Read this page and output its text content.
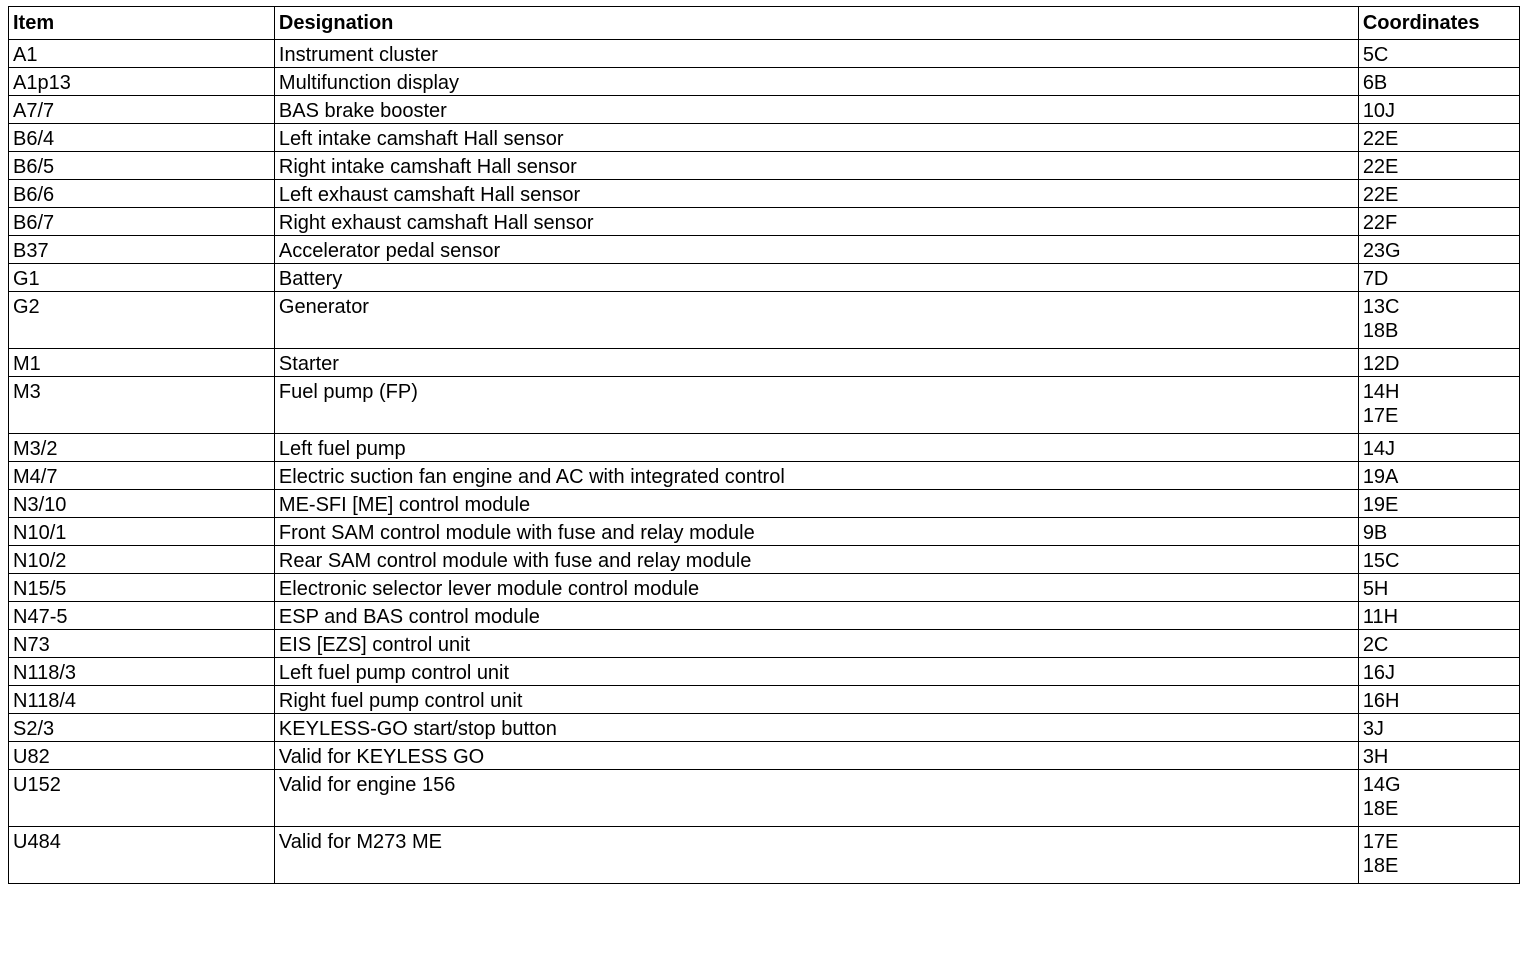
Item	Designation	Coordinates
A1	Instrument cluster	5C

A1p13	Multifunction display	6B

A7/7	BAS brake booster	10J

B6/4	Left intake camshaft Hall sensor	22E

B6/5	Right intake camshaft Hall sensor	22E

B6/6	Left exhaust camshaft Hall sensor	22E

B6/7	Right exhaust camshaft Hall sensor	22F

B37	Accelerator pedal sensor	23G

G1	Battery	7D

G2	Generator	13C
18B

M1	Starter	12D

M3	Fuel pump (FP)	14H
17E

M3/2	Left fuel pump	14J

M4/7	Electric suction fan engine and AC with integrated control	19A

N3/10	ME-SFI [ME] control module	19E

N10/1	Front SAM control module with fuse and relay module	9B

N10/2	Rear SAM control module with fuse and relay module	15C

N15/5	Electronic selector lever module control module	5H

N47-5	ESP and BAS control module	11H

N73	EIS [EZS] control unit	2C

N118/3	Left fuel pump control unit	16J

N118/4	Right fuel pump control unit	16H

S2/3	KEYLESS-GO start/stop button	3J

U82	Valid for KEYLESS GO	3H

U152	Valid for engine 156	14G
18E

U484	Valid for M273 ME	17E
18E
